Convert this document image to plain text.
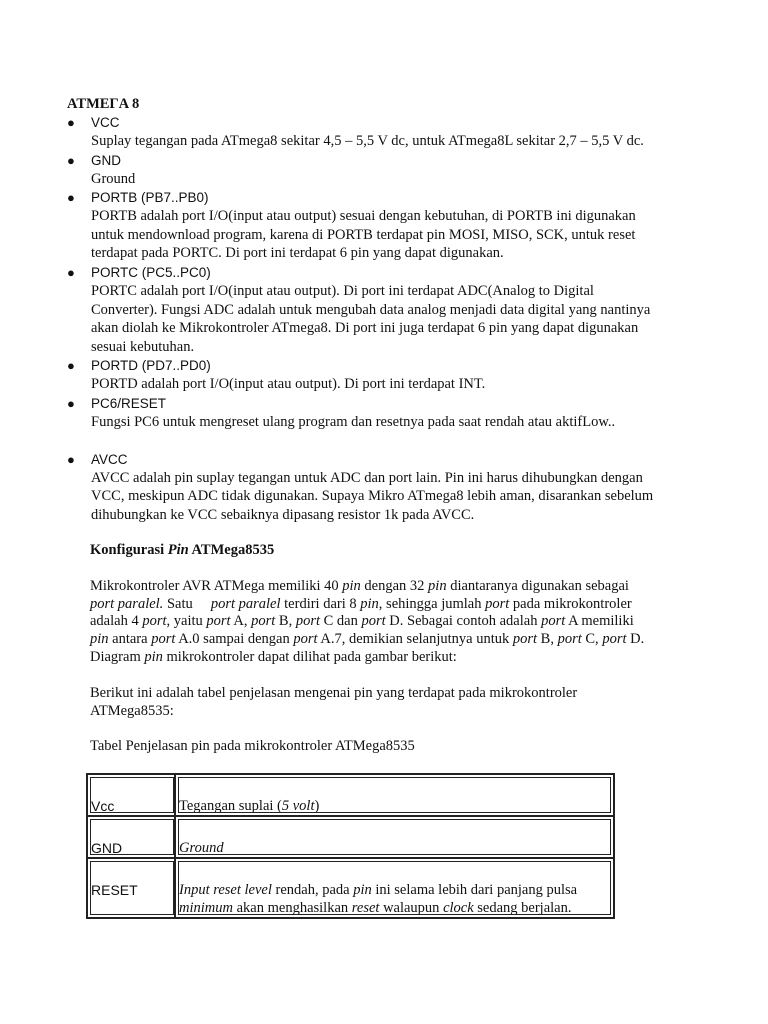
ATMEΓA 8
● VCC
Suplay tegangan pada ATmega8 sekitar 4,5 – 5,5 V dc, untuk ATmega8L sekitar 2,7 – 5,5 V dc.
● GND
Ground
● PORTB (PB7..PB0)
PORTB adalah port I/O(input atau output) sesuai dengan kebutuhan, di PORTB ini digunakan
untuk mendownload program, karena di PORTB terdapat pin MOSI, MISO, SCK, untuk reset
terdapat pada PORTC. Di port ini terdapat 6 pin yang dapat digunakan.
● PORTC (PC5..PC0)
PORTC adalah port I/O(input atau output). Di port ini terdapat ADC(Analog to Digital
Converter). Fungsi ADC adalah untuk mengubah data analog menjadi data digital yang nantinya
akan diolah ke Mikrokontroler ATmega8. Di port ini juga terdapat 6 pin yang dapat digunakan
sesuai kebutuhan.
● PORTD (PD7..PD0)
PORTD adalah port I/O(input atau output). Di port ini terdapat INT.
● PC6/RESET
Fungsi PC6 untuk mengreset ulang program dan resetnya pada saat rendah atau aktifLow..
● AVCC
AVCC adalah pin suplay tegangan untuk ADC dan port lain. Pin ini harus dihubungkan dengan
VCC, meskipun ADC tidak digunakan. Supaya Mikro ATmega8 lebih aman, disarankan sebelum
dihubungkan ke VCC sebaiknya dipasang resistor 1k pada AVCC.
Konfigurasi Pin ATMega8535
Mikrokontroler AVR ATMega memiliki 40 pin dengan 32 pin diantaranya digunakan sebagai
port paralel. Satu     port paralel terdiri dari 8 pin, sehingga jumlah port pada mikrokontroler
adalah 4 port, yaitu port A, port B, port C dan port D. Sebagai contoh adalah port A memiliki
pin antara port A.0 sampai dengan port A.7, demikian selanjutnya untuk port B, port C, port D.
Diagram pin mikrokontroler dapat dilihat pada gambar berikut:
Berikut ini adalah tabel penjelasan mengenai pin yang terdapat pada mikrokontroler
ATMega8535:
Tabel Penjelasan pin pada mikrokontroler ATMega8535
Vcc	Tegangan suplai (5 volt)
GND	Ground
RESET	Input reset level rendah, pada pin ini selama lebih dari panjang pulsa
minimum akan menghasilkan reset walaupun clock sedang berjalan.
